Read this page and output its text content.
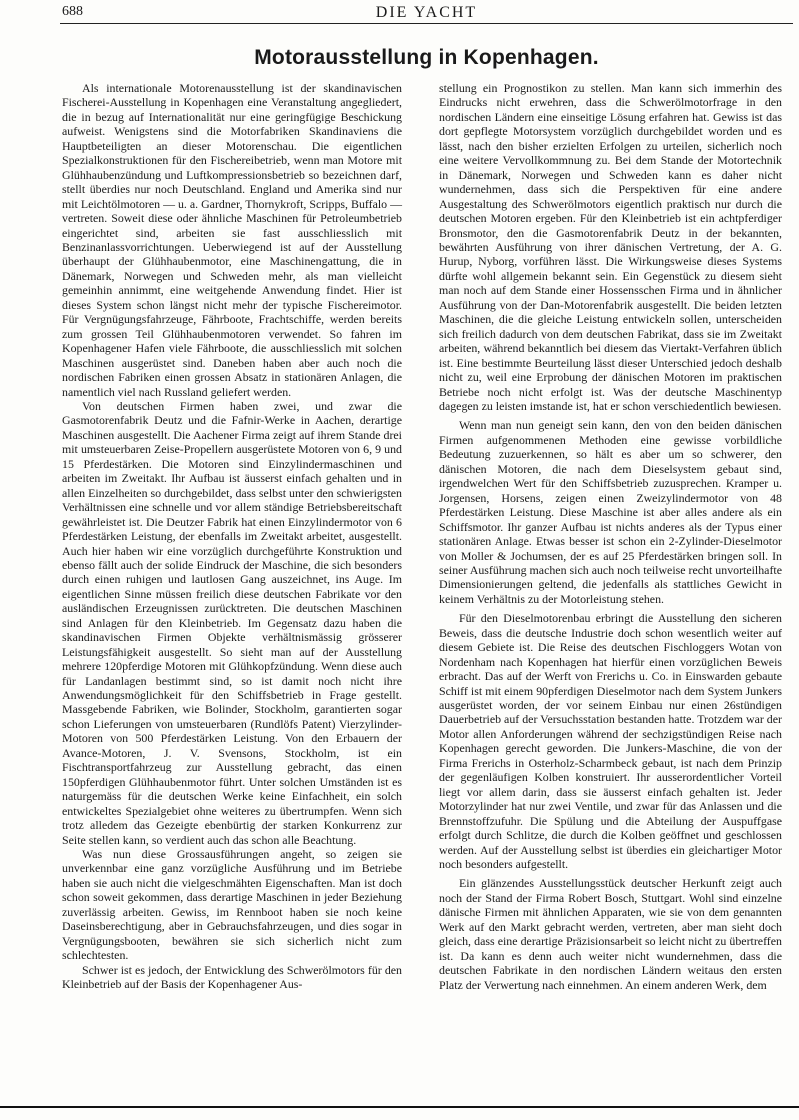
688	DIE YACHT
Motorausstellung in Kopenhagen.

Als internationale Motorenausstellung ist der skandinavischen Fischerei-Ausstellung in Kopenhagen eine Veranstaltung angegliedert, die in bezug auf Internationalität nur eine geringfügige Beschickung aufweist. Wenigstens sind die Motorfabriken Skandinaviens die Hauptbeteiligten an dieser Motorenschau. Die eigentlichen Spezialkonstruktionen für den Fischereibetrieb, wenn man Motore mit Glühhaubenzündung und Luftkompressionsbetrieb so bezeichnen darf, stellt überdies nur noch Deutschland. England und Amerika sind nur mit Leichtölmotoren — u. a. Gardner, Thornykroft, Scripps, Buffalo — vertreten. Soweit diese oder ähnliche Maschinen für Petroleumbetrieb eingerichtet sind, arbeiten sie fast ausschliesslich mit Benzinanlassvorrichtungen. Ueberwiegend ist auf der Ausstellung überhaupt der Glühhaubenmotor, eine Maschinengattung, die in Dänemark, Norwegen und Schweden mehr, als man vielleicht gemeinhin annimmt, eine weitgehende Anwendung findet. Hier ist dieses System schon längst nicht mehr der typische Fischereimotor. Für Vergnügungsfahrzeuge, Fährboote, Frachtschiffe, werden bereits zum grossen Teil Glühhaubenmotoren verwendet. So fahren im Kopenhagener Hafen viele Fährboote, die ausschliesslich mit solchen Maschinen ausgerüstet sind. Daneben haben aber auch noch die nordischen Fabriken einen grossen Absatz in stationären Anlagen, die namentlich viel nach Russland geliefert werden.

Von deutschen Firmen haben zwei, und zwar die Gasmotorenfabrik Deutz und die Fafnir-Werke in Aachen, derartige Maschinen ausgestellt. Die Aachener Firma zeigt auf ihrem Stande drei mit umsteuerbaren Zeise-Propellern ausgerüstete Motoren von 6, 9 und 15 Pferdestärken. Die Motoren sind Einzylindermaschinen und arbeiten im Zweitakt. Ihr Aufbau ist äusserst einfach gehalten und in allen Einzelheiten so durchgebildet, dass selbst unter den schwierigsten Verhältnissen eine schnelle und vor allem ständige Betriebsbereitschaft gewährleistet ist. Die Deutzer Fabrik hat einen Einzylindermotor von 6 Pferdestärken Leistung, der ebenfalls im Zweitakt arbeitet, ausgestellt. Auch hier haben wir eine vorzüglich durchgeführte Konstruktion und ebenso fällt auch der solide Eindruck der Maschine, die sich besonders durch einen ruhigen und lautlosen Gang auszeichnet, ins Auge. Im eigentlichen Sinne müssen freilich diese deutschen Fabrikate vor den ausländischen Erzeugnissen zurücktreten. Die deutschen Maschinen sind Anlagen für den Kleinbetrieb. Im Gegensatz dazu haben die skandinavischen Firmen Objekte verhältnismässig grösserer Leistungsfähigkeit ausgestellt. So sieht man auf der Ausstellung mehrere 120pferdige Motoren mit Glühkopfzündung. Wenn diese auch für Landanlagen bestimmt sind, so ist damit noch nicht ihre Anwendungsmöglichkeit für den Schiffsbetrieb in Frage gestellt. Massgebende Fabriken, wie Bolinder, Stockholm, garantierten sogar schon Lieferungen von umsteuerbaren (Rundlöfs Patent) Vierzylinder-Motoren von 500 Pferdestärken Leistung. Von den Erbauern der Avance-Motoren, J. V. Svensons, Stockholm, ist ein Fischtransportfahrzeug zur Ausstellung gebracht, das einen 150pferdigen Glühhaubenmotor führt. Unter solchen Umständen ist es naturgemäss für die deutschen Werke keine Einfachheit, ein solch entwickeltes Spezialgebiet ohne weiteres zu übertrumpfen. Wenn sich trotz alledem das Gezeigte ebenbürtig der starken Konkurrenz zur Seite stellen kann, so verdient auch das schon alle Beachtung.

Was nun diese Grossausführungen angeht, so zeigen sie unverkennbar eine ganz vorzügliche Ausführung und im Betriebe haben sie auch nicht die vielgeschmähten Eigenschaften. Man ist doch schon soweit gekommen, dass derartige Maschinen in jeder Beziehung zuverlässig arbeiten. Gewiss, im Rennboot haben sie noch keine Daseinsberechtigung, aber in Gebrauchsfahrzeugen, und dies sogar in Vergnügungsbooten, bewähren sie sich sicherlich nicht zum schlechtesten.

Schwer ist es jedoch, der Entwicklung des Schwerölmotors für den Kleinbetrieb auf der Basis der Kopenhagener Aus-

stellung ein Prognostikon zu stellen. Man kann sich immerhin des Eindrucks nicht erwehren, dass die Schwerölmotorfrage in den nordischen Ländern eine einseitige Lösung erfahren hat. Gewiss ist das dort gepflegte Motorsystem vorzüglich durchgebildet worden und es lässt, nach den bisher erzielten Erfolgen zu urteilen, sicherlich noch eine weitere Vervollkommnung zu. Bei dem Stande der Motortechnik in Dänemark, Norwegen und Schweden kann es daher nicht wundernehmen, dass sich die Perspektiven für eine andere Ausgestaltung des Schwerölmotors eigentlich praktisch nur durch die deutschen Motoren ergeben. Für den Kleinbetrieb ist ein achtpferdiger Bronsmotor, den die Gasmotorenfabrik Deutz in der bekannten, bewährten Ausführung von ihrer dänischen Vertretung, der A. G. Hurup, Nyborg, vorführen lässt. Die Wirkungsweise dieses Systems dürfte wohl allgemein bekannt sein. Ein Gegenstück zu diesem sieht man noch auf dem Stande einer Hossensschen Firma und in ähnlicher Ausführung von der Dan-Motorenfabrik ausgestellt. Die beiden letzten Maschinen, die die gleiche Leistung entwickeln sollen, unterscheiden sich freilich dadurch von dem deutschen Fabrikat, dass sie im Zweitakt arbeiten, während bekanntlich bei diesem das Viertakt-Verfahren üblich ist. Eine bestimmte Beurteilung lässt dieser Unterschied jedoch deshalb nicht zu, weil eine Erprobung der dänischen Motoren im praktischen Betriebe noch nicht erfolgt ist. Was der deutsche Maschinentyp dagegen zu leisten imstande ist, hat er schon verschiedentlich bewiesen.

Wenn man nun geneigt sein kann, den von den beiden dänischen Firmen aufgenommenen Methoden eine gewisse vorbildliche Bedeutung zuzuerkennen, so hält es aber um so schwerer, den dänischen Motoren, die nach dem Dieselsystem gebaut sind, irgendwelchen Wert für den Schiffsbetrieb zuzusprechen. Kramper u. Jorgensen, Horsens, zeigen einen Zweizylindermotor von 48 Pferdestärken Leistung. Diese Maschine ist aber alles andere als ein Schiffsmotor. Ihr ganzer Aufbau ist nichts anderes als der Typus einer stationären Anlage. Etwas besser ist schon ein 2-Zylinder-Dieselmotor von Moller & Jochumsen, der es auf 25 Pferdestärken bringen soll. In seiner Ausführung machen sich auch noch teilweise recht unvorteilhafte Dimensionierungen geltend, die jedenfalls als stattliches Gewicht in keinem Verhältnis zu der Motorleistung stehen.

Für den Dieselmotorenbau erbringt die Ausstellung den sicheren Beweis, dass die deutsche Industrie doch schon wesentlich weiter auf diesem Gebiete ist. Die Reise des deutschen Fischloggers Wotan von Nordenham nach Kopenhagen hat hierfür einen vorzüglichen Beweis erbracht. Das auf der Werft von Frerichs u. Co. in Einswarden gebaute Schiff ist mit einem 90pferdigen Dieselmotor nach dem System Junkers ausgerüstet worden, der vor seinem Einbau nur einen 26stündigen Dauerbetrieb auf der Versuchsstation bestanden hatte. Trotzdem war der Motor allen Anforderungen während der sechzigstündigen Reise nach Kopenhagen gerecht geworden. Die Junkers-Maschine, die von der Firma Frerichs in Osterholz-Scharmbeck gebaut, ist nach dem Prinzip der gegenläufigen Kolben konstruiert. Ihr ausserordentlicher Vorteil liegt vor allem darin, dass sie äusserst einfach gehalten ist. Jeder Motorzylinder hat nur zwei Ventile, und zwar für das Anlassen und die Brennstoffzufuhr. Die Spülung und die Abteilung der Auspuffgase erfolgt durch Schlitze, die durch die Kolben geöffnet und geschlossen werden. Auf der Ausstellung selbst ist überdies ein gleichartiger Motor noch besonders aufgestellt.

Ein glänzendes Ausstellungsstück deutscher Herkunft zeigt auch noch der Stand der Firma Robert Bosch, Stuttgart. Wohl sind einzelne dänische Firmen mit ähnlichen Apparaten, wie sie von dem genannten Werk auf den Markt gebracht werden, vertreten, aber man sieht doch gleich, dass eine derartige Präzisionsarbeit so leicht nicht zu übertreffen ist. Da kann es denn auch weiter nicht wundernehmen, dass die deutschen Fabrikate in den nordischen Ländern weitaus den ersten Platz der Verwertung nach einnehmen. An einem anderen Werk, dem
